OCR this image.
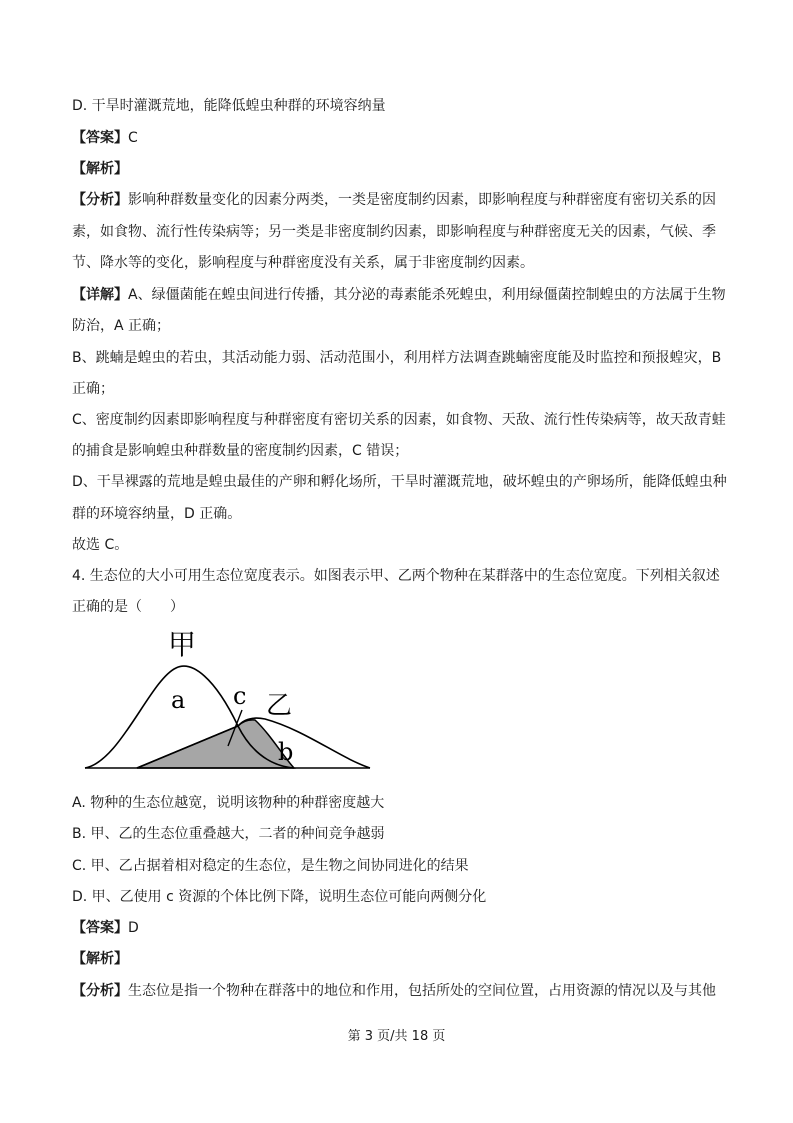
D. 干旱时灌溉荒地，能降低蝗虫种群的环境容纳量
【答案】C
【解析】
【分析】影响种群数量变化的因素分两类，一类是密度制约因素，即影响程度与种群密度有密切关系的因
素，如食物、流行性传染病等；另一类是非密度制约因素，即影响程度与种群密度无关的因素，气候、季
节、降水等的变化，影响程度与种群密度没有关系，属于非密度制约因素。
【详解】A、绿僵菌能在蝗虫间进行传播，其分泌的毒素能杀死蝗虫，利用绿僵菌控制蝗虫的方法属于生物
防治，A 正确；
B、跳蝻是蝗虫的若虫，其活动能力弱、活动范围小，利用样方法调查跳蝻密度能及时监控和预报蝗灾，B
正确；
C、密度制约因素即影响程度与种群密度有密切关系的因素，如食物、天敌、流行性传染病等，故天敌青蛙
的捕食是影响蝗虫种群数量的密度制约因素，C 错误；
D、干旱裸露的荒地是蝗虫最佳的产卵和孵化场所，干旱时灌溉荒地，破坏蝗虫的产卵场所，能降低蝗虫种
群的环境容纳量，D 正确。
故选 C。
4. 生态位的大小可用生态位宽度表示。如图表示甲、乙两个物种在某群落中的生态位宽度。下列相关叙述
正确的是（　　）
甲
a c 乙
b
A. 物种的生态位越宽，说明该物种的种群密度越大
B. 甲、乙的生态位重叠越大，二者的种间竞争越弱
C. 甲、乙占据着相对稳定的生态位，是生物之间协同进化的结果
D. 甲、乙使用 c 资源的个体比例下降，说明生态位可能向两侧分化
【答案】D
【解析】
【分析】生态位是指一个物种在群落中的地位和作用，包括所处的空间位置，占用资源的情况以及与其他
第 3 页/共 18 页
